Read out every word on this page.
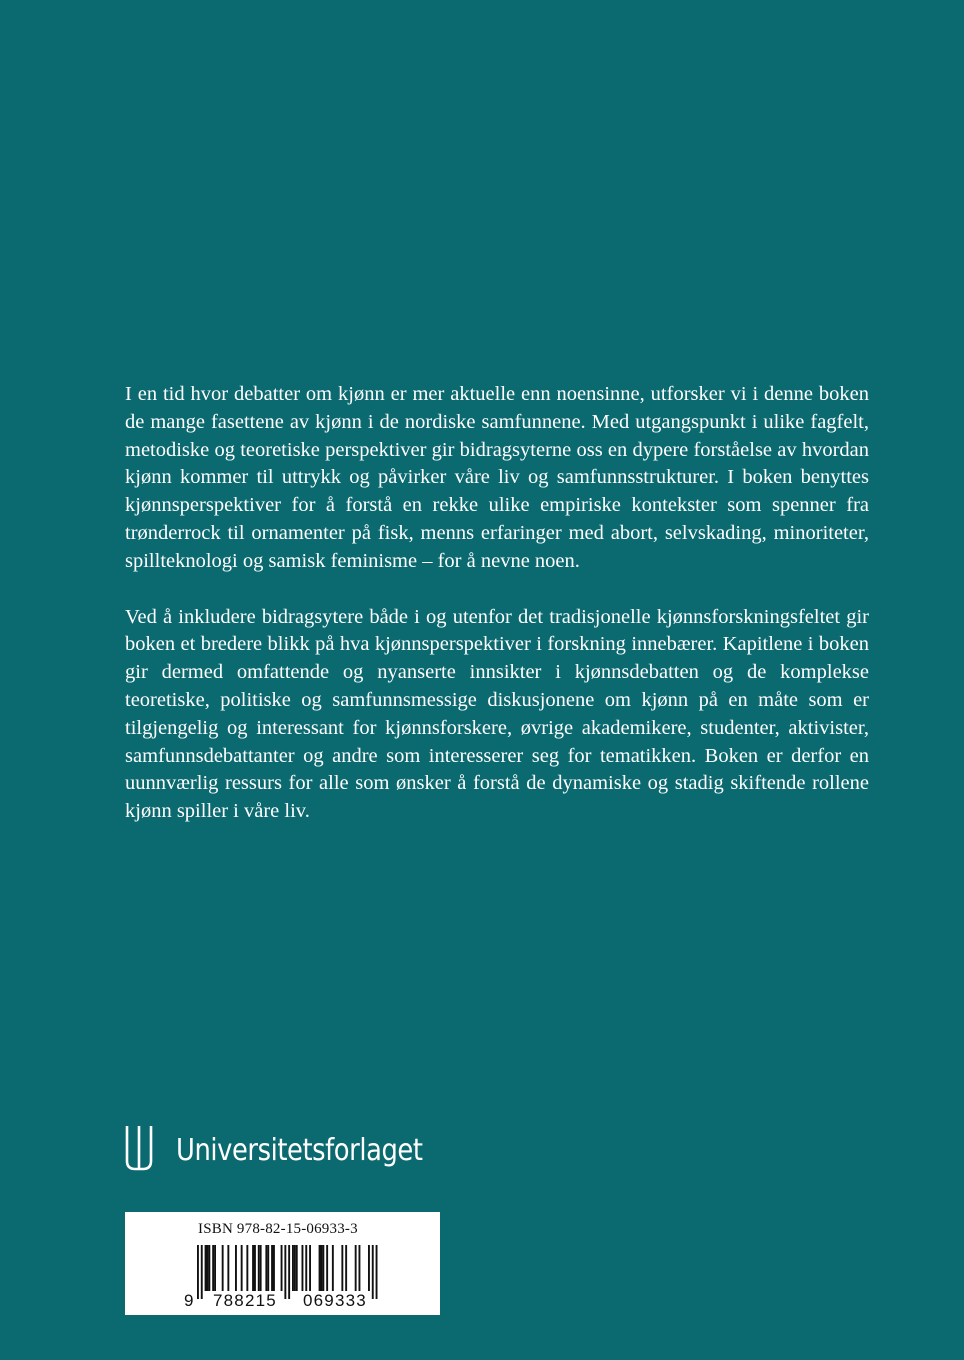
I en tid hvor debatter om kjønn er mer aktuelle enn noensinne, utforsker vi i denne boken de mange fasettene av kjønn i de nordiske samfunnene. Med utgangspunkt i ulike fagfelt, metodiske og teoretiske perspektiver gir bidragsyterne oss en dypere forståelse av hvordan kjønn kommer til uttrykk og påvirker våre liv og samfunnsstrukturer. I boken benyttes kjønnsperspektiver for å forstå en rekke ulike empiriske kontekster som spenner fra trønderrock til ornamenter på fisk, menns erfaringer med abort, selvskading, minoriteter, spillteknologi og samisk feminisme – for å nevne noen.

Ved å inkludere bidragsytere både i og utenfor det tradisjonelle kjønnsforskningsfeltet gir boken et bredere blikk på hva kjønnsperspektiver i forskning innebærer. Kapitlene i boken gir dermed omfattende og nyanserte innsikter i kjønnsdebatten og de komplekse teoretiske, politiske og samfunnsmessige diskusjonene om kjønn på en måte som er tilgjengelig og interessant for kjønnsforskere, øvrige akademikere, studenter, aktivister, samfunnsdebattanter og andre som interesserer seg for tematikken. Boken er derfor en uunnværlig ressurs for alle som ønsker å forstå de dynamiske og stadig skiftende rollene kjønn spiller i våre liv.

Universitetsforlaget
ISBN 978-82-15-06933-3
9 788215 069333
